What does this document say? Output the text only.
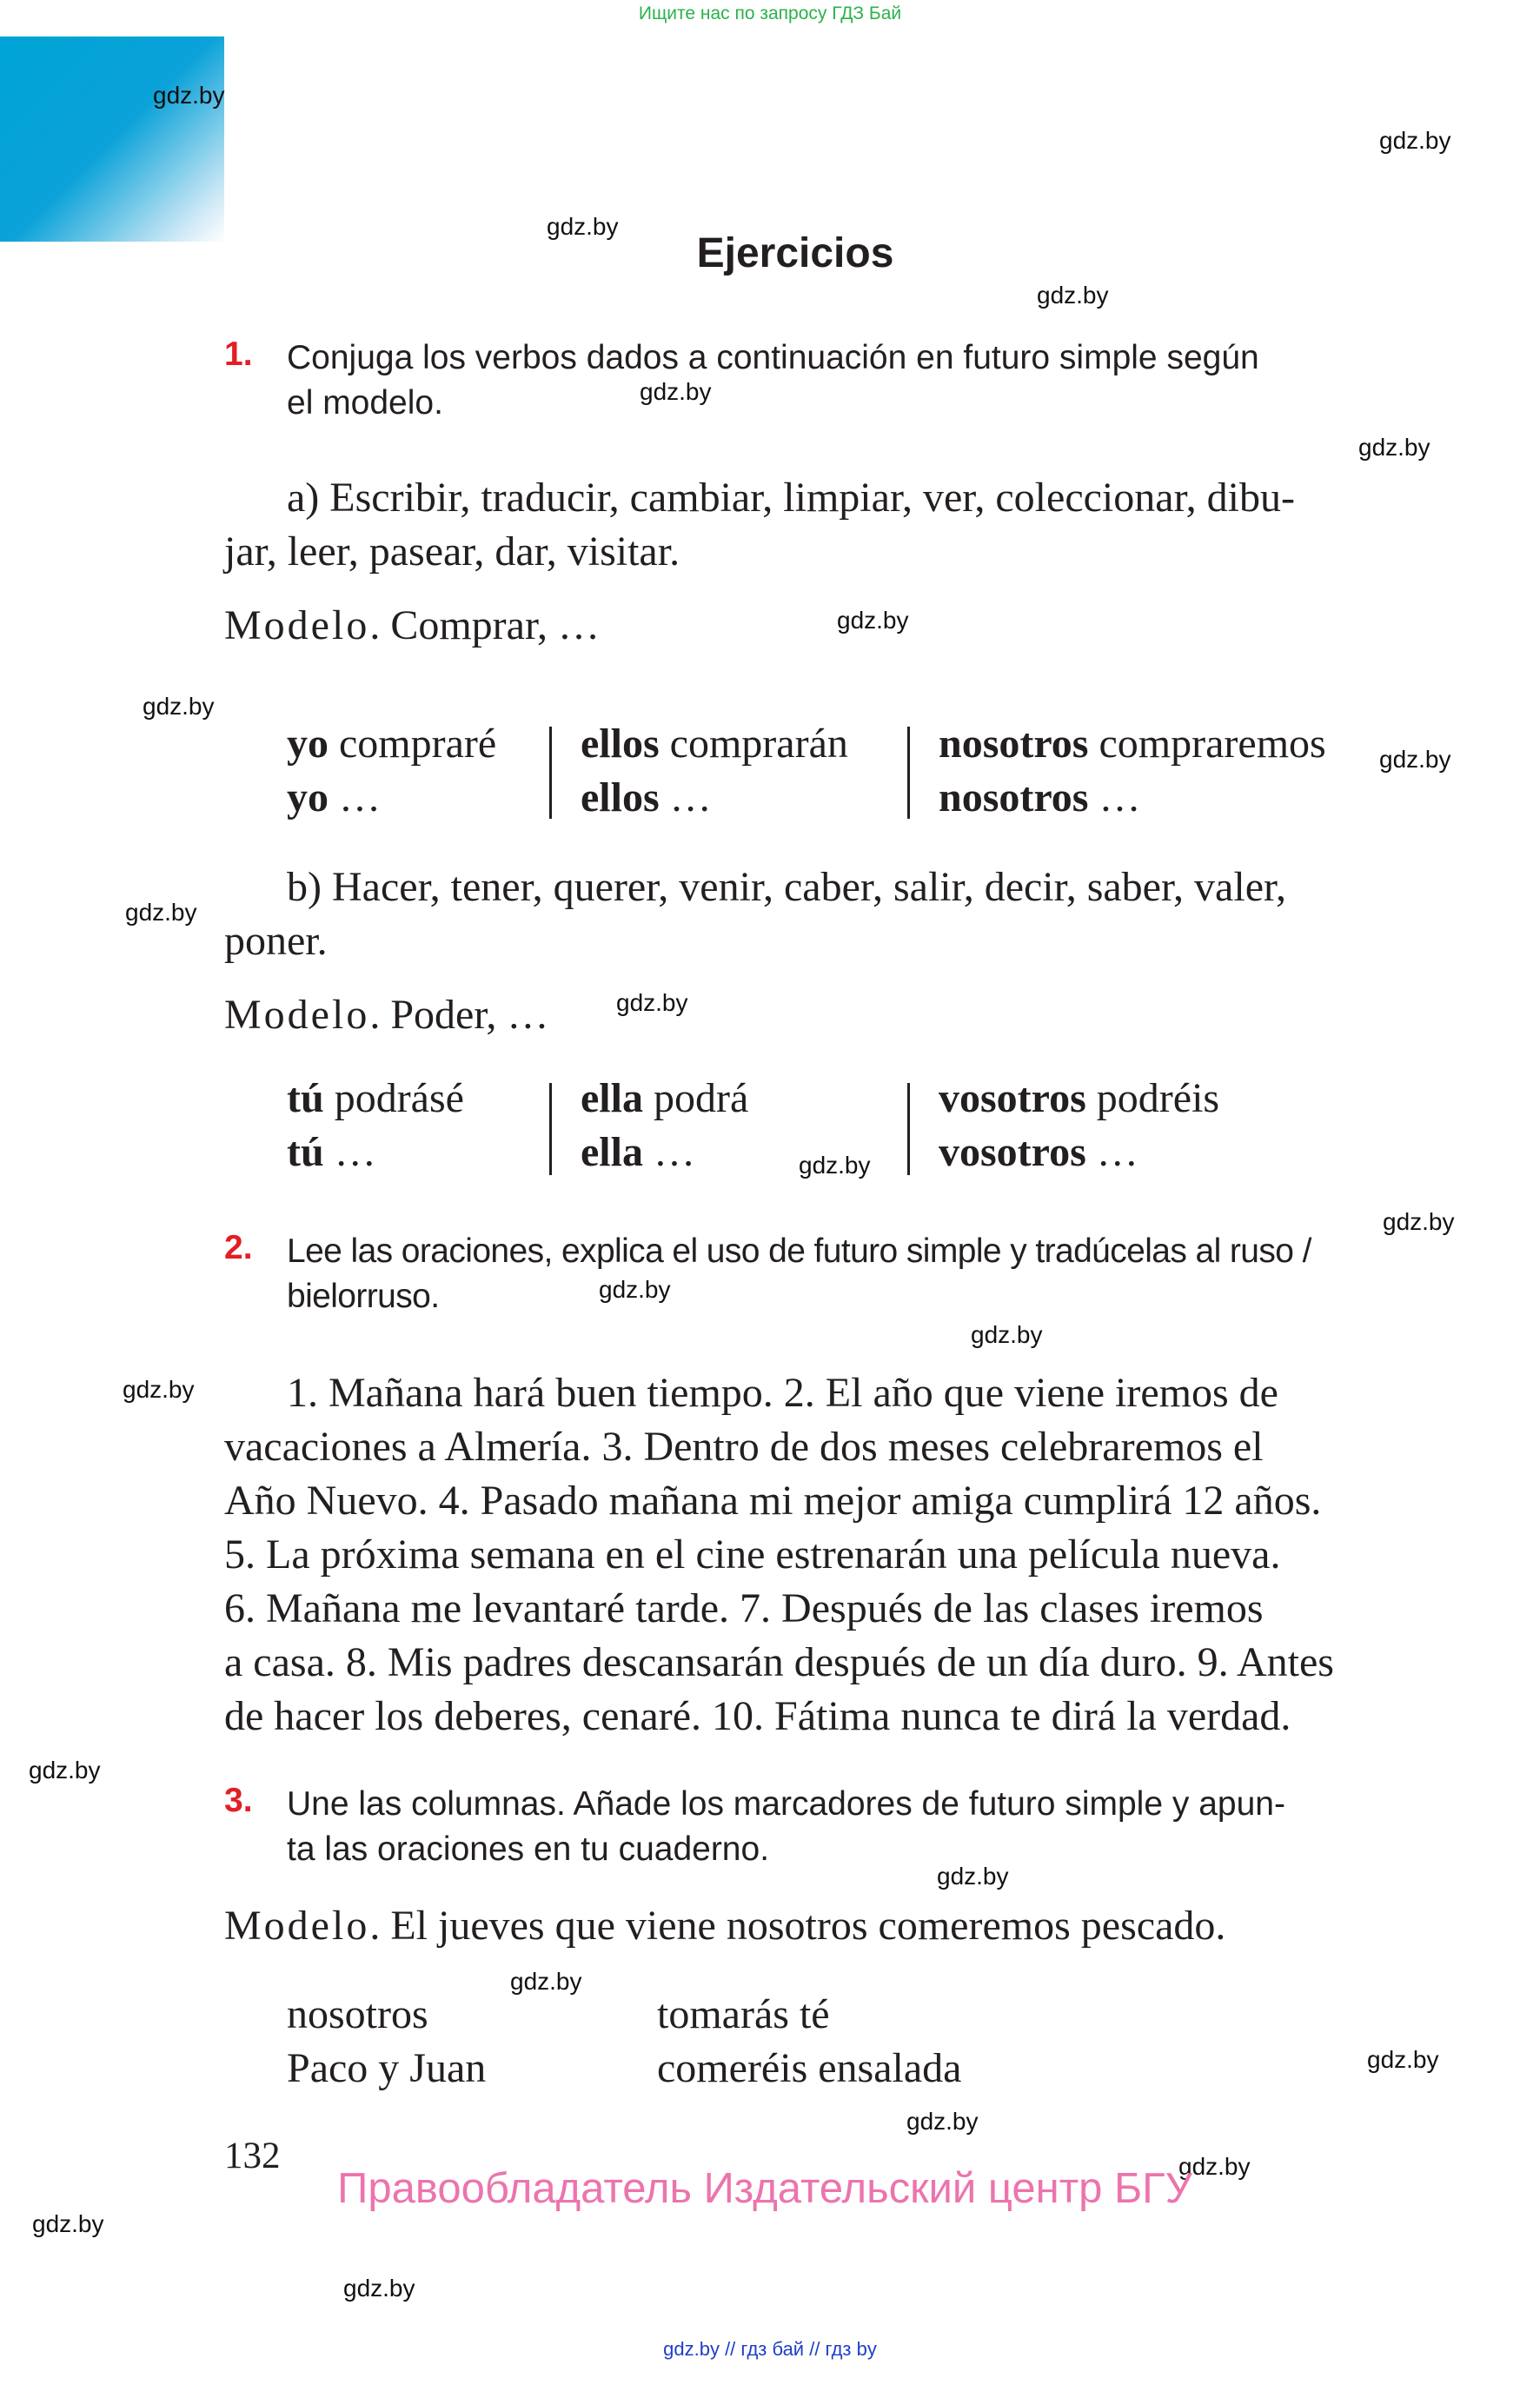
Ищите нас по запросу ГДЗ Бай
gdz.by
gdz.by
gdz.by
gdz.by
gdz.by
gdz.by
gdz.by
gdz.by
gdz.by
gdz.by
gdz.by
gdz.by
gdz.by
gdz.by
gdz.by
gdz.by
gdz.by
gdz.by
gdz.by
gdz.by
gdz.by
gdz.by
gdz.by
gdz.by
Ejercicios
1. Conjuga los verbos dados a continuación en futuro simple según
el modelo.
a) Escribir, traducir, cambiar, limpiar, ver, coleccionar, dibu-
jar, leer, pasear, dar, visitar.
Modelo. Comprar, …
yo compraré
yo …
ellos comprarán
ellos …
nosotros compraremos
nosotros …
b) Hacer, tener, querer, venir, caber, salir, decir, saber, valer,
poner.
Modelo. Poder, …
tú podrásé
tú …
ella podrá
ella …
vosotros podréis
vosotros …
2. Lee las oraciones, explica el uso de futuro simple y tradúcelas al ruso /
bielorruso.
1. Mañana hará buen tiempo. 2. El año que viene iremos de
vacaciones a Almería. 3. Dentro de dos meses celebraremos el
Año Nuevo. 4. Pasado mañana mi mejor amiga cumplirá 12 años.
5. La próxima semana en el cine estrenarán una película nueva.
6. Mañana me levantaré tarde. 7. Después de las clases iremos
a casa. 8. Mis padres descansarán después de un día duro. 9. Antes
de hacer los deberes, cenaré. 10. Fátima nunca te dirá la verdad.
3. Une las columnas. Añade los marcadores de futuro simple y apun-
ta las oraciones en tu cuaderno.
Modelo. El jueves que viene nosotros comeremos pescado.
nosotros	tomarás té
Paco y Juan	comeréis ensalada
132
Правообладатель Издательский центр БГУ
gdz.by // гдз бай // гдз by
